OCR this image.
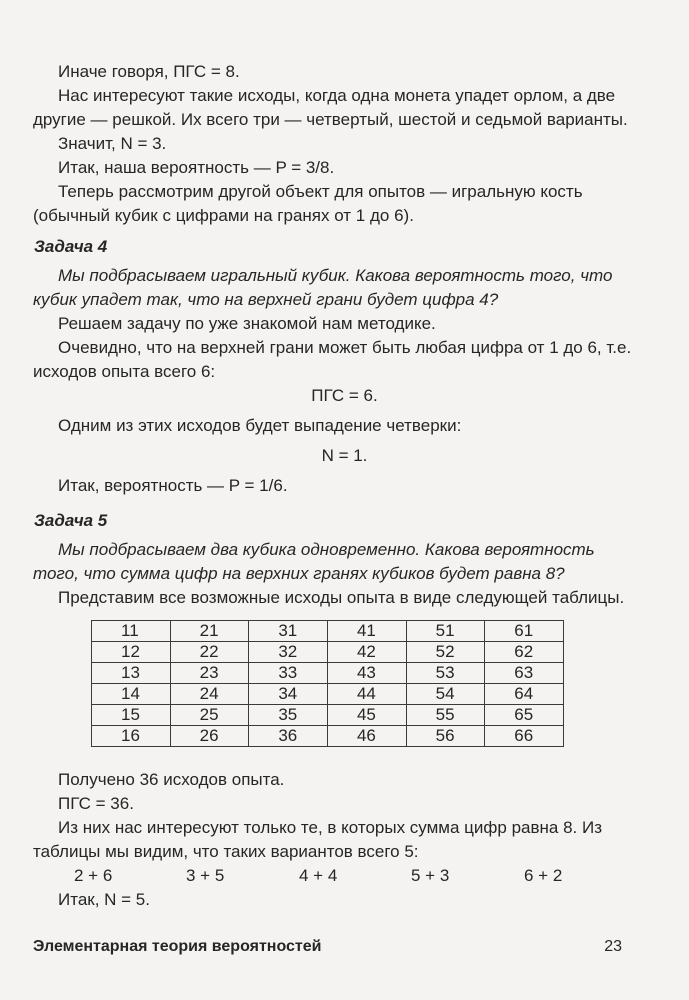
Иначе говоря, ПГС = 8.
Нас интересуют такие исходы, когда одна монета упадет орлом, а две
другие — решкой. Их всего три — четвертый, шестой и седьмой варианты.
Значит, N = 3.
Итак, наша вероятность — P = 3/8.
Теперь рассмотрим другой объект для опытов — игральную кость
(обычный кубик с цифрами на гранях от 1 до 6).
Задача 4
Мы подбрасываем игральный кубик. Какова вероятность того, что
кубик упадет так, что на верхней грани будет цифра 4?
Решаем задачу по уже знакомой нам методике.
Очевидно, что на верхней грани может быть любая цифра от 1 до 6, т.е.
исходов опыта всего 6:
ПГС = 6.
Одним из этих исходов будет выпадение четверки:
N = 1.
Итак, вероятность — P = 1/6.
Задача 5
Мы подбрасываем два кубика одновременно. Какова вероятность
того, что сумма цифр на верхних гранях кубиков будет равна 8?
Представим все возможные исходы опыта в виде следующей таблицы.
11	21	31	41	51	61
12	22	32	42	52	62
13	23	33	43	53	63
14	24	34	44	54	64
15	25	35	45	55	65
16	26	36	46	56	66
Получено 36 исходов опыта.
ПГС = 36.
Из них нас интересуют только те, в которых сумма цифр равна 8. Из
таблицы мы видим, что таких вариантов всего 5:
2 + 6	3 + 5	4 + 4	5 + 3	6 + 2
Итак, N = 5.
Элементарная теория вероятностей	23
